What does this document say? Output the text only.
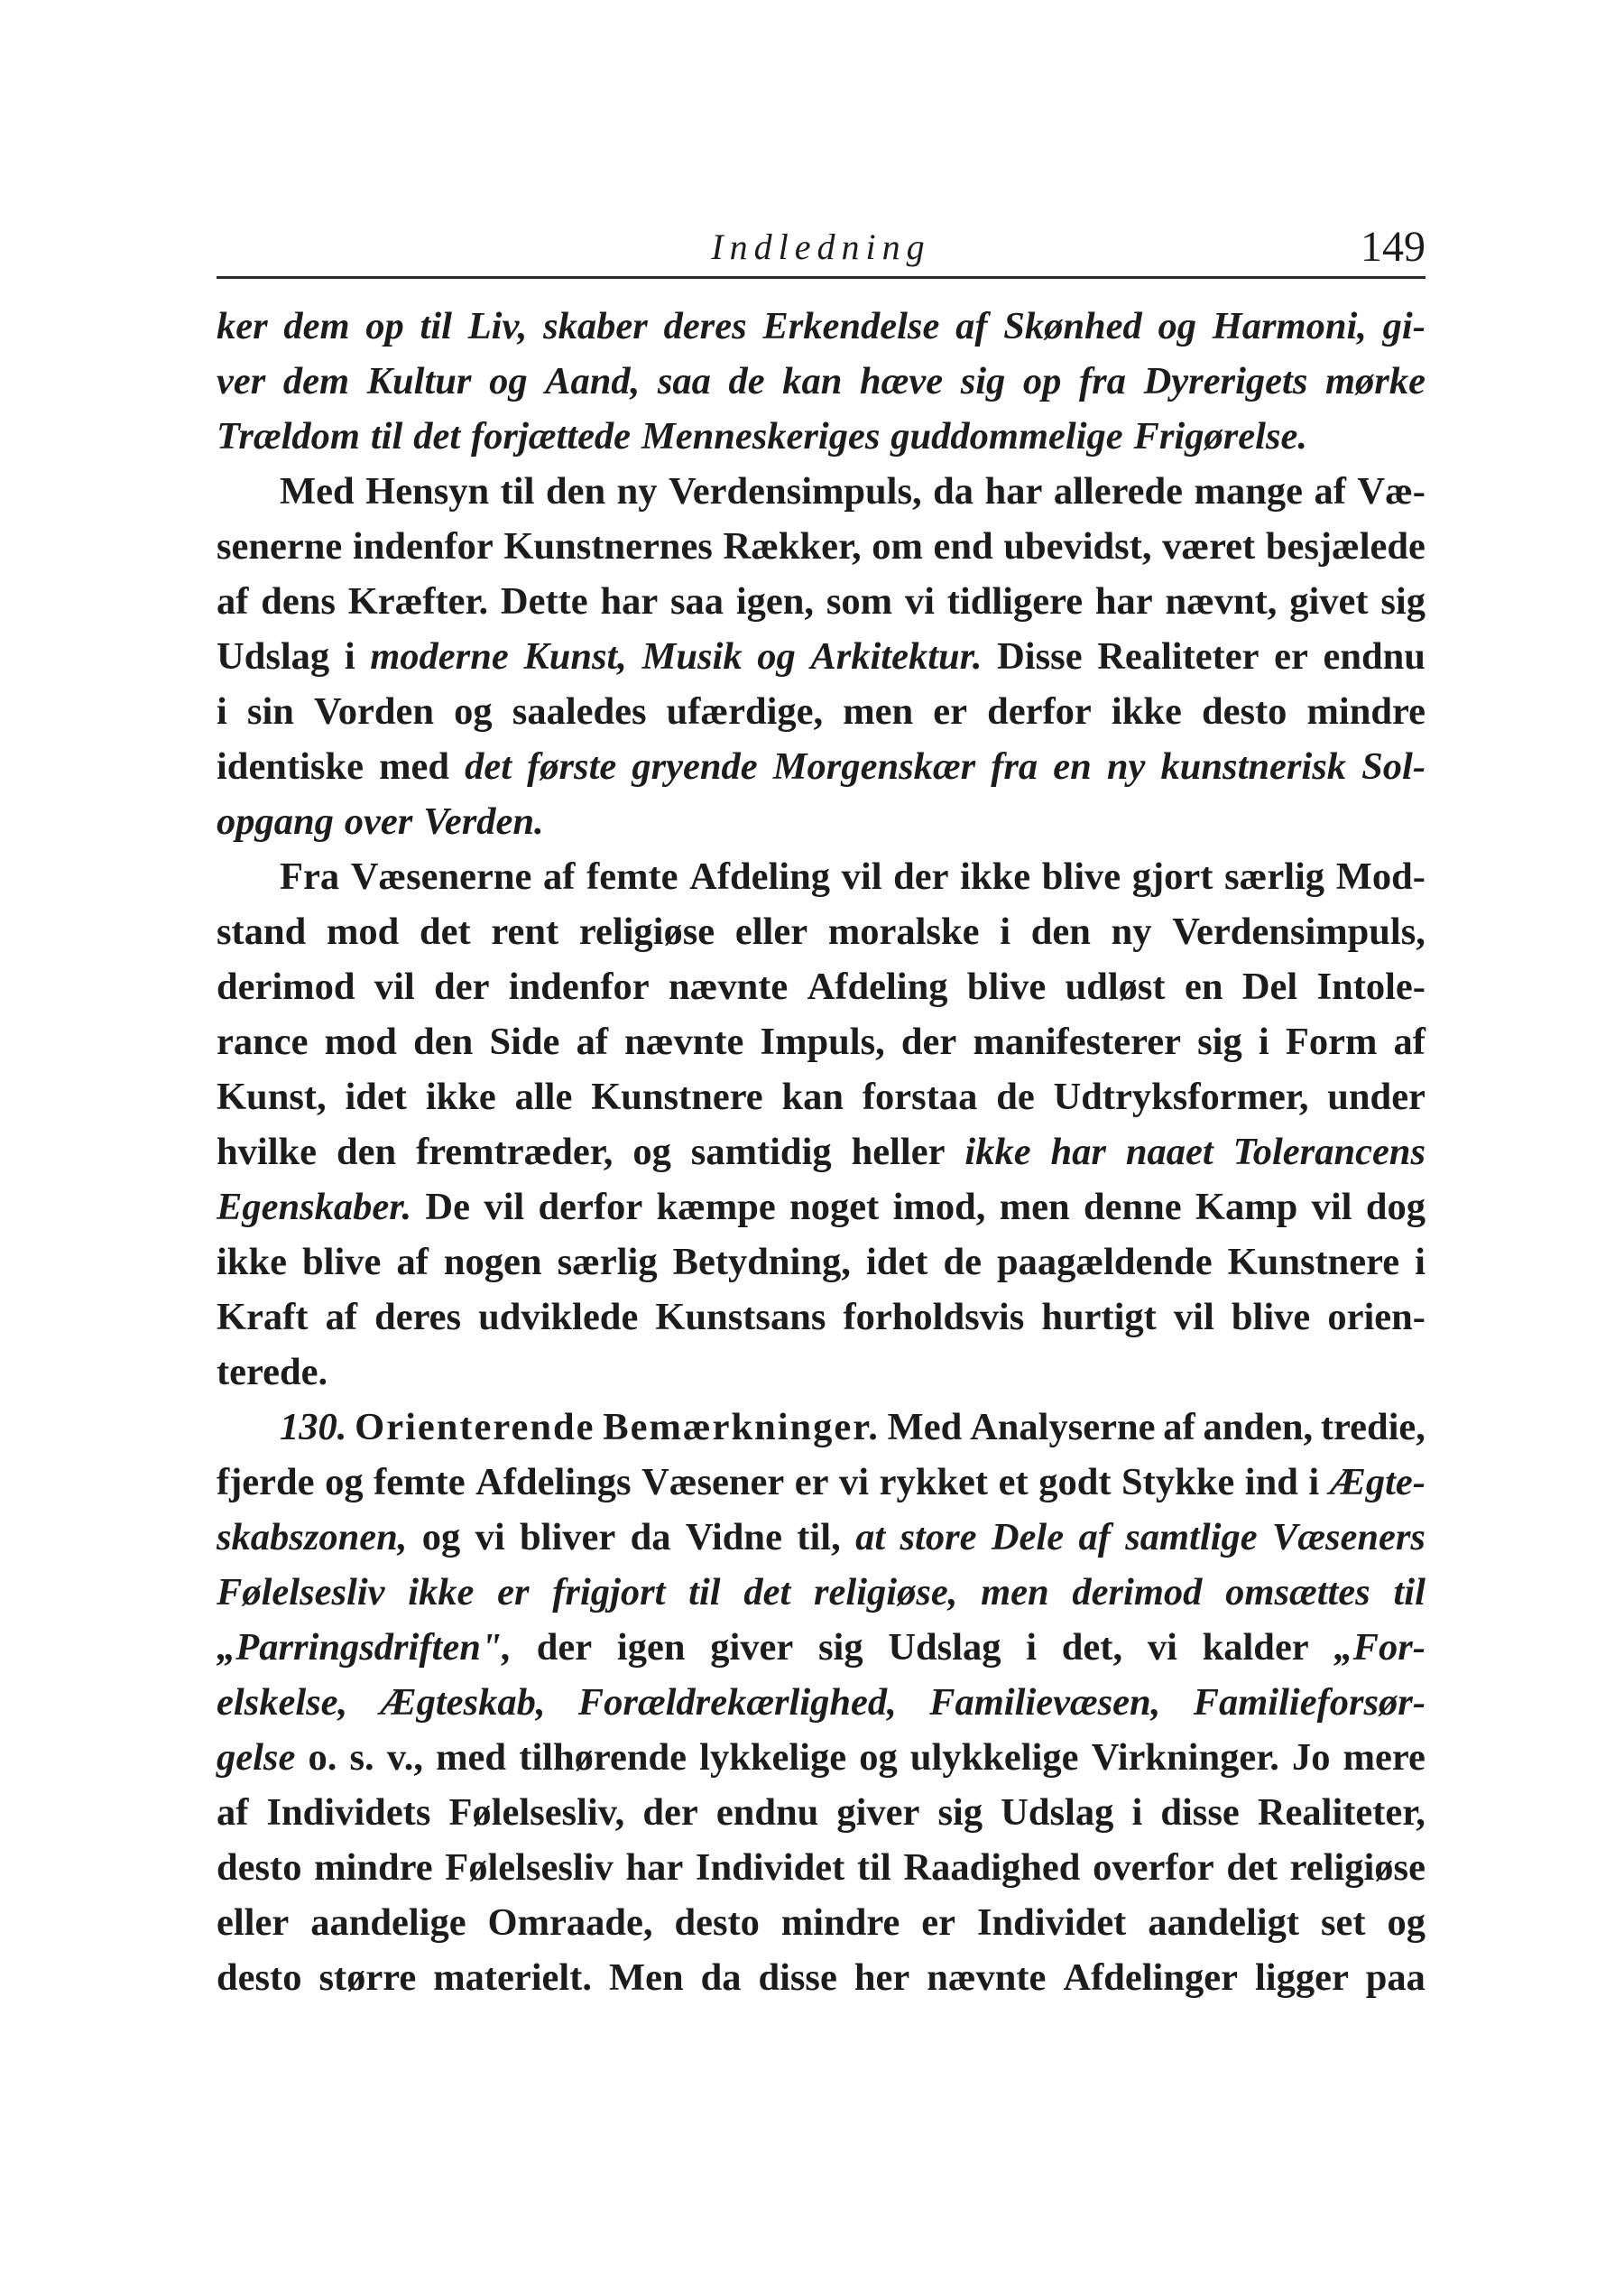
Indledning	149
ker dem op til Liv, skaber deres Erkendelse af Skønhed og Harmoni, gi-
ver dem Kultur og Aand, saa de kan hæve sig op fra Dyrerigets mørke
Trældom til det forjættede Menneskeriges guddommelige Frigørelse.
Med Hensyn til den ny Verdensimpuls, da har allerede mange af Væ-
senerne indenfor Kunstnernes Rækker, om end ubevidst, været besjælede
af dens Kræfter. Dette har saa igen, som vi tidligere har nævnt, givet sig
Udslag i moderne Kunst, Musik og Arkitektur. Disse Realiteter er endnu
i sin Vorden og saaledes ufærdige, men er derfor ikke desto mindre
identiske med det første gryende Morgenskær fra en ny kunstnerisk Sol-
opgang over Verden.
Fra Væsenerne af femte Afdeling vil der ikke blive gjort særlig Mod-
stand mod det rent religiøse eller moralske i den ny Verdensimpuls,
derimod vil der indenfor nævnte Afdeling blive udløst en Del Intole-
rance mod den Side af nævnte Impuls, der manifesterer sig i Form af
Kunst, idet ikke alle Kunstnere kan forstaa de Udtryksformer, under
hvilke den fremtræder, og samtidig heller ikke har naaet Tolerancens
Egenskaber. De vil derfor kæmpe noget imod, men denne Kamp vil dog
ikke blive af nogen særlig Betydning, idet de paagældende Kunstnere i
Kraft af deres udviklede Kunstsans forholdsvis hurtigt vil blive orien-
terede.
130. Orienterende Bemærkninger. Med Analyserne af anden, tredie,
fjerde og femte Afdelings Væsener er vi rykket et godt Stykke ind i Ægte-
skabszonen, og vi bliver da Vidne til, at store Dele af samtlige Væseners
Følelsesliv ikke er frigjort til det religiøse, men derimod omsættes til
„Parringsdriften", der igen giver sig Udslag i det, vi kalder „For-
elskelse, Ægteskab, Forældrekærlighed, Familievæsen, Familieforsør-
gelse o. s. v., med tilhørende lykkelige og ulykkelige Virkninger. Jo mere
af Individets Følelsesliv, der endnu giver sig Udslag i disse Realiteter,
desto mindre Følelsesliv har Individet til Raadighed overfor det religiøse
eller aandelige Omraade, desto mindre er Individet aandeligt set og
desto større materielt. Men da disse her nævnte Afdelinger ligger paa
